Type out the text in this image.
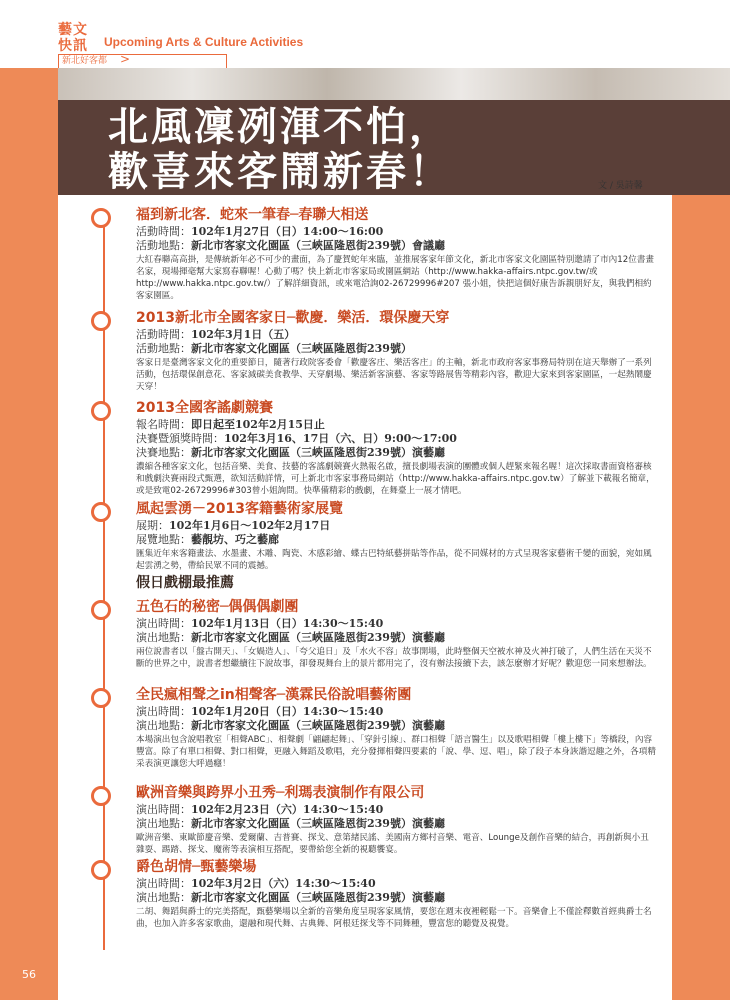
藝文快訊	Upcoming Arts & Culture Activities
新北好客都	>
北風凜冽渾不怕，
歡喜來客鬧新春！	文 / 吳詩馨
假日戲棚最推薦
福到新北客．蛇來一筆春─春聯大相送
活動時間：102年1月27日（日）14:00～16:00
活動地點：新北市客家文化園區（三峽區隆恩街239號）會議廳
大紅春聯高高掛，是傳統新年必不可少的畫面，為了慶賀蛇年來臨，並推展客家年節文化，新北市客家文化園區特別邀請了市內12位書畫名家，現場揮毫幫大家寫春聯喔！心動了嗎？快上新北市客家局或園區網站（http://www.hakka-affairs.ntpc.gov.tw/或http://www.hakka.ntpc.gov.tw/）了解詳細資訊，或來電洽詢02-26729996#207 張小姐，快把這個好康告訴親朋好友，與我們相約客家園區。
2013新北市全國客家日─歡慶．樂活．環保慶天穿
活動時間：102年3月1日（五）
活動地點：新北市客家文化園區（三峽區隆恩街239號）
客家日是臺灣客家文化的重要節日，隨著行政院客委會「歡慶客庄、樂活客庄」的主軸，新北市政府客家事務局特別在這天舉辦了一系列活動，包括環保創意花、客家減碳美食教學、天穿劇場、樂活新客演藝、客家等路展售等精彩內容，歡迎大家來到客家園區，一起熱鬧慶天穿！
2013全國客謠劇競賽
報名時間：即日起至102年2月15日止
決賽暨頒獎時間：102年3月16、17日（六、日）9:00～17:00
決賽地點：新北市客家文化園區（三峽區隆恩街239號）演藝廳
濃縮各種客家文化，包括音樂、美食、技藝的客謠劇競賽火熱報名啟，擅長劇場表演的團體或個人趕緊來報名喔！這次採取書面資格審核和戲劇決賽兩段式甄選，欲知活動詳情，可上新北市客家事務局網站（http://www.hakka-affairs.ntpc.gov.tw）了解並下載報名簡章，或是致電02-26729996#303曾小姐詢問。快準備精彩的戲劇，在舞臺上一展才情吧。
風起雲湧－2013客籍藝術家展覽
展期：102年1月6日～102年2月17日
展覽地點：藝靚坊、巧之藝廊
匯集近年來客籍畫法、水墨畫、木雕、陶瓷、木感彩繪、蝶古巴特紙藝拼貼等作品，從不同媒材的方式呈現客家藝術千變的面貌，宛如風起雲湧之勢，帶給民眾不同的震撼。
五色石的秘密─偶偶偶劇團
演出時間：102年1月13日（日）14:30～15:40
演出地點：新北市客家文化園區（三峽區隆恩街239號）演藝廳
兩位說書者以「盤古開天」、「女媧造人」、「夸父追日」及「水火不容」故事開場，此時整個天空被水神及火神打破了，人們生活在天災不斷的世界之中，說書者想繼續往下說故事，卻發現舞台上的景片都用完了，沒有辦法接續下去，該怎麼辦才好呢？歡迎您一同來想辦法。
全民瘋相聲之in相聲客─漢霖民俗說唱藝術團
演出時間：102年1月20日（日）14:30～15:40
演出地點：新北市客家文化園區（三峽區隆恩街239號）演藝廳
本場演出包含說唱教室「相聲ABC」、相聲劇「翩翩起舞」、「穿針引線」、群口相聲「語言醫生」以及歌唱相聲「樓上樓下」等橋段，內容豐富。除了有單口相聲、對口相聲，更融入舞蹈及歌唱，充分發揮相聲四要素的「說、學、逗、唱」，除了段子本身詼諧逗趣之外，各項精采表演更讓您大呼過癮！
歐洲音樂與跨界小丑秀─利瑪表演制作有限公司
演出時間：102年2月23日（六）14:30～15:40
演出地點：新北市客家文化園區（三峽區隆恩街239號）演藝廳
歐洲音樂、東歐節慶音樂、愛爾蘭、吉普賽、探戈、意第緒民謠、美國南方鄉村音樂、電音、Lounge及創作音樂的結合，再創新與小丑雜耍、踢踏、探戈、魔術等表演相互搭配，要帶給您全新的視聽饗宴。
爵色胡情─甄藝樂場
演出時間：102年3月2日（六）14:30～15:40
演出地點：新北市客家文化園區（三峽區隆恩街239號）演藝廳
二胡、舞蹈與爵士的完美搭配，甄藝樂場以全新的音樂角度呈現客家風情，要您在週末夜裡輕鬆一下。音樂會上不僅詮釋數首經典爵士名曲，也加入許多客家歌曲，還融和現代舞、古典舞、阿根廷探戈等不同舞種，豐富您的聽覺及視覺。
56
